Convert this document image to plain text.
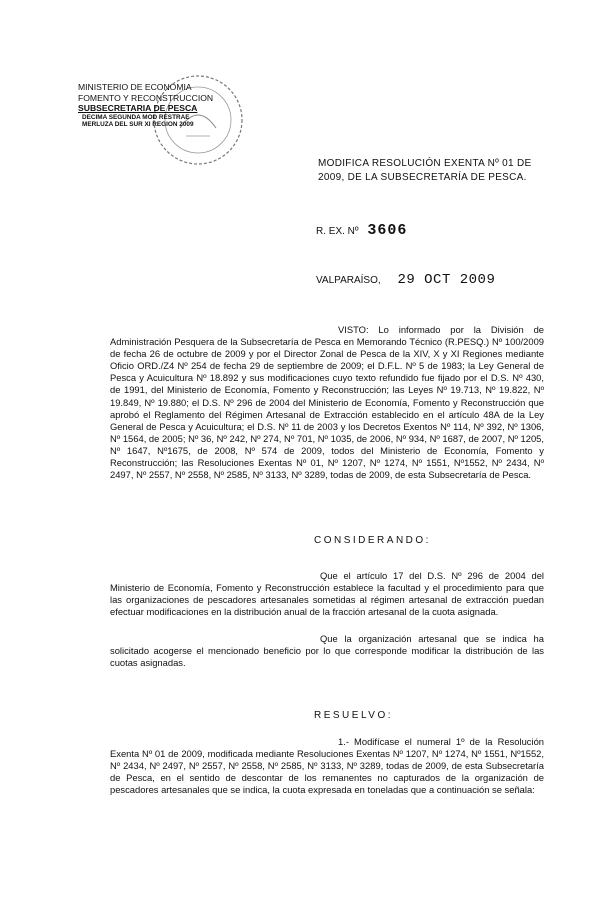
MINISTERIO DE ECONOMIA
FOMENTO Y RECONSTRUCCION
SUBSECRETARIA DE PESCA
DECIMA SEGUNDA MOD RESTRAE
MERLUZA DEL SUR XI REGION 2009
MODIFICA RESOLUCIÓN EXENTA Nº 01 DE 2009, DE LA SUBSECRETARÍA DE PESCA.
R. EX. Nº 3606
VALPARAÍSO, 29 OCT 2009
VISTO: Lo informado por la División de Administración Pesquera de la Subsecretaría de Pesca en Memorando Técnico (R.PESQ.) Nº 100/2009 de fecha 26 de octubre de 2009 y por el Director Zonal de Pesca de la XIV, X y XI Regiones mediante Oficio ORD./Z4 Nº 254 de fecha 29 de septiembre de 2009; el D.F.L. Nº 5 de 1983; la Ley General de Pesca y Acuicultura Nº 18.892 y sus modificaciones cuyo texto refundido fue fijado por el D.S. Nº 430, de 1991, del Ministerio de Economía, Fomento y Reconstrucción; las Leyes Nº 19.713, Nº 19.822, Nº 19.849, Nº 19.880; el D.S. Nº 296 de 2004 del Ministerio de Economía, Fomento y Reconstrucción que aprobó el Reglamento del Régimen Artesanal de Extracción establecido en el artículo 48A de la Ley General de Pesca y Acuicultura; el D.S. Nº 11 de 2003 y los Decretos Exentos Nº 114, Nº 392, Nº 1306, Nº 1564, de 2005; Nº 36, Nº 242, Nº 274, Nº 701, Nº 1035, de 2006, Nº 934, Nº 1687, de 2007, Nº 1205, Nº 1647, Nº1675, de 2008, Nº 574 de 2009, todos del Ministerio de Economía, Fomento y Reconstrucción; las Resoluciones Exentas Nº 01, Nº 1207, Nº 1274, Nº 1551, Nº1552, Nº 2434, Nº 2497, Nº 2557, Nº 2558, Nº 2585, Nº 3133, Nº 3289, todas de 2009, de esta Subsecretaría de Pesca.
CONSIDERANDO:
Que el artículo 17 del D.S. Nº 296 de 2004 del Ministerio de Economía, Fomento y Reconstrucción establece la facultad y el procedimiento para que las organizaciones de pescadores artesanales sometidas al régimen artesanal de extracción puedan efectuar modificaciones en la distribución anual de la fracción artesanal de la cuota asignada.
Que la organización artesanal que se indica ha solicitado acogerse el mencionado beneficio por lo que corresponde modificar la distribución de las cuotas asignadas.
RESUELVO:
1.- Modifícase el numeral 1º de la Resolución Exenta Nº 01 de 2009, modificada mediante Resoluciones Exentas Nº 1207, Nº 1274, Nº 1551, Nº1552, Nº 2434, Nº 2497, Nº 2557, Nº 2558, Nº 2585, Nº 3133, Nº 3289, todas de 2009, de esta Subsecretaría de Pesca, en el sentido de descontar de los remanentes no capturados de la organización de pescadores artesanales que se indica, la cuota expresada en toneladas que a continuación se señala:
